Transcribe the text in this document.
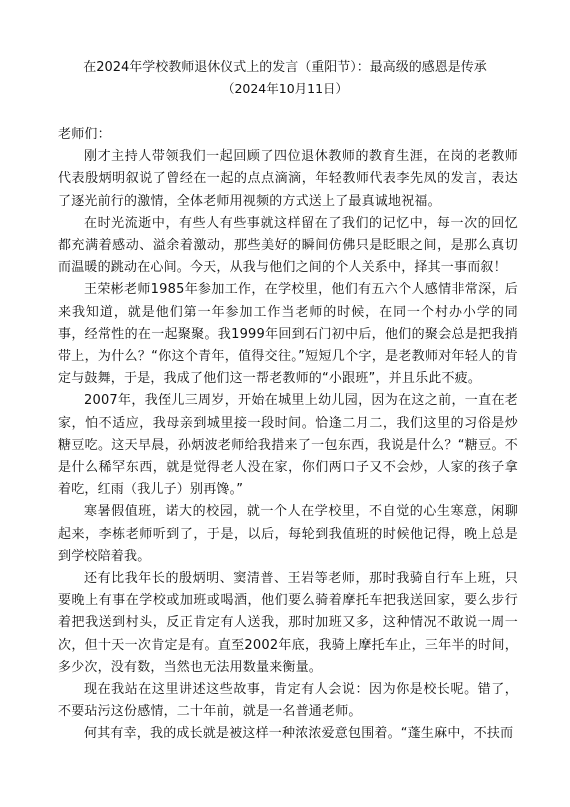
在2024年学校教师退休仪式上的发言（重阳节）：最高级的感恩是传承
（2024年10月11日）

老师们：

刚才主持人带领我们一起回顾了四位退休教师的教育生涯，在岗的老教师代表殷炳明叙说了曾经在一起的点点滴滴，年轻教师代表李先凤的发言，表达了逐光前行的激情，全体老师用视频的方式送上了最真诚地祝福。

在时光流逝中，有些人有些事就这样留在了我们的记忆中，每一次的回忆都充满着感动、溢余着激动，那些美好的瞬间仿佛只是眨眼之间，是那么真切而温暖的跳动在心间。今天，从我与他们之间的个人关系中，择其一事而叙！

王荣彬老师1985年参加工作，在学校里，他们有五六个人感情非常深，后来我知道，就是他们第一年参加工作当老师的时候，在同一个村办小学的同事，经常性的在一起聚聚。我1999年回到石门初中后，他们的聚会总是把我捎带上，为什么？“你这个青年，值得交往。”短短几个字，是老教师对年轻人的肯定与鼓舞，于是，我成了他们这一帮老教师的“小跟班”，并且乐此不疲。

2007年，我侄儿三周岁，开始在城里上幼儿园，因为在这之前，一直在老家，怕不适应，我母亲到城里接一段时间。恰逢二月二，我们这里的习俗是炒糖豆吃。这天早晨，孙炳波老师给我措来了一包东西，我说是什么？“糖豆。不是什么稀罕东西，就是觉得老人没在家，你们两口子又不会炒，人家的孩子拿着吃，红雨（我儿子）别再馋。”

寒暑假值班，诺大的校园，就一个人在学校里，不自觉的心生寒意，闲聊起来，李栋老师听到了，于是，以后，每轮到我值班的时候他记得，晚上总是到学校陪着我。

还有比我年长的殷炳明、窦清普、王岩等老师，那时我骑自行车上班，只要晚上有事在学校或加班或喝酒，他们要么骑着摩托车把我送回家，要么步行着把我送到村头，反正肯定有人送我，那时加班又多，这种情况不敢说一周一次，但十天一次肯定是有。直至2002年底，我骑上摩托车止，三年半的时间，多少次，没有数，当然也无法用数量来衡量。

现在我站在这里讲述这些故事，肯定有人会说：因为你是校长呢。错了，不要玷污这份感情，二十年前，就是一名普通老师。

何其有幸，我的成长就是被这样一种浓浓爱意包围着。“蓬生麻中，不扶而
